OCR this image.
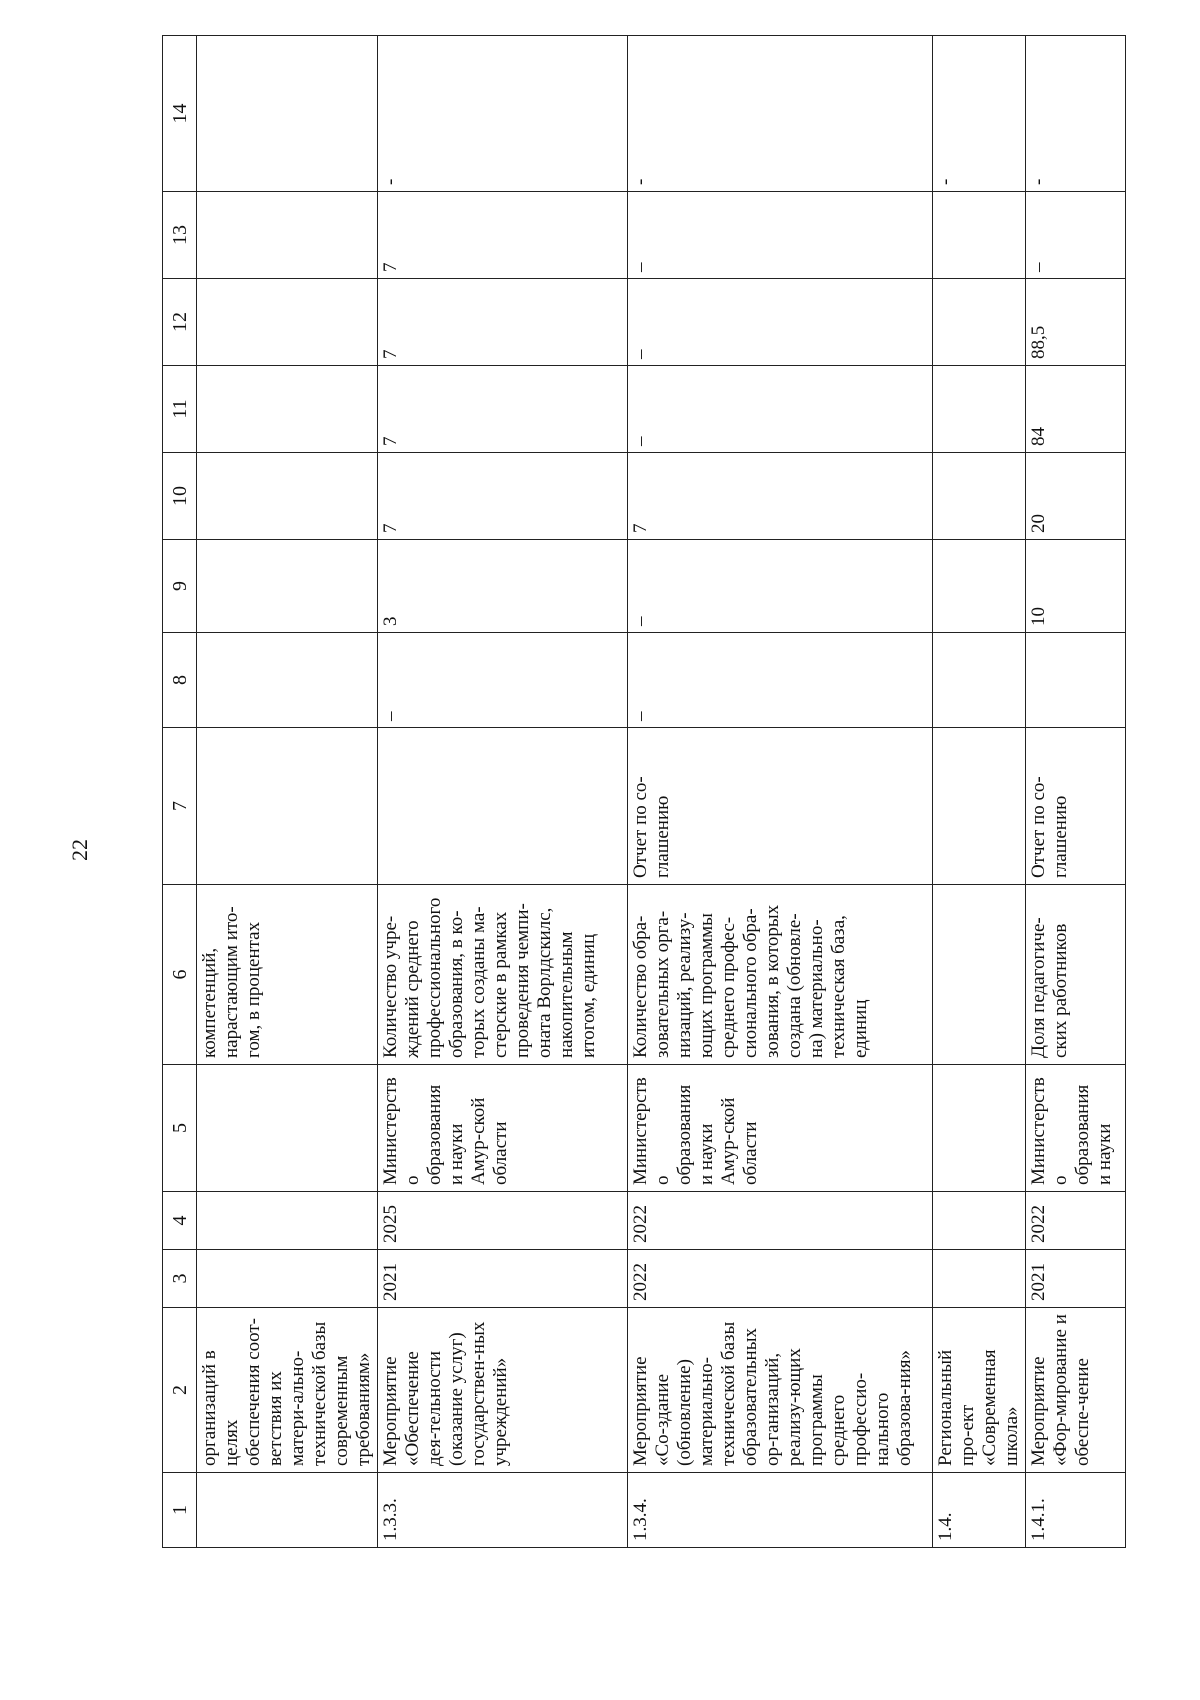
22
1	2	3	4	5	6	7	8	9	10	11	12	13	14
	организаций в целях обеспечения соот-ветствия их матери-ально-технической базы современным требованиям»				компетенций, нарастающим ито-гом, в процентах								
1.3.3.	Мероприятие «Обеспечение дея-тельности (оказание услуг) государствен-ных учреждений»	2021	2025	Министерство образования и науки Амур-ской области	Количество учре-ждений среднего профессионального образования, в ко-торых созданы ма-стерские в рамках проведения чемпи-оната Ворлдскилс, накопительным итогом, единиц		–	3	7	7	7	7	-
1.3.4.	Мероприятие «Со-здание (обновление) материально-технической базы образовательных ор-ганизаций, реализу-ющих программы среднего профессио-нального образова-ния»	2022	2022	Министерство образования и науки Амур-ской области	Количество обра-зовательных орга-низаций, реализу-ющих программы среднего профес-сионального обра-зования, в которых создана (обновле-на) материально-техническая база, единиц	Отчет по со-глашению	–	–	7	–	–	–	-
1.4.	Региональный про-ект «Современная школа»												-
1.4.1.	Мероприятие «Фор-мирование и обеспе-чение	2021	2022	Министерство образования и науки	Доля педагогиче-ских работников	Отчет по со-глашению		10	20	84	88,5	–	-
